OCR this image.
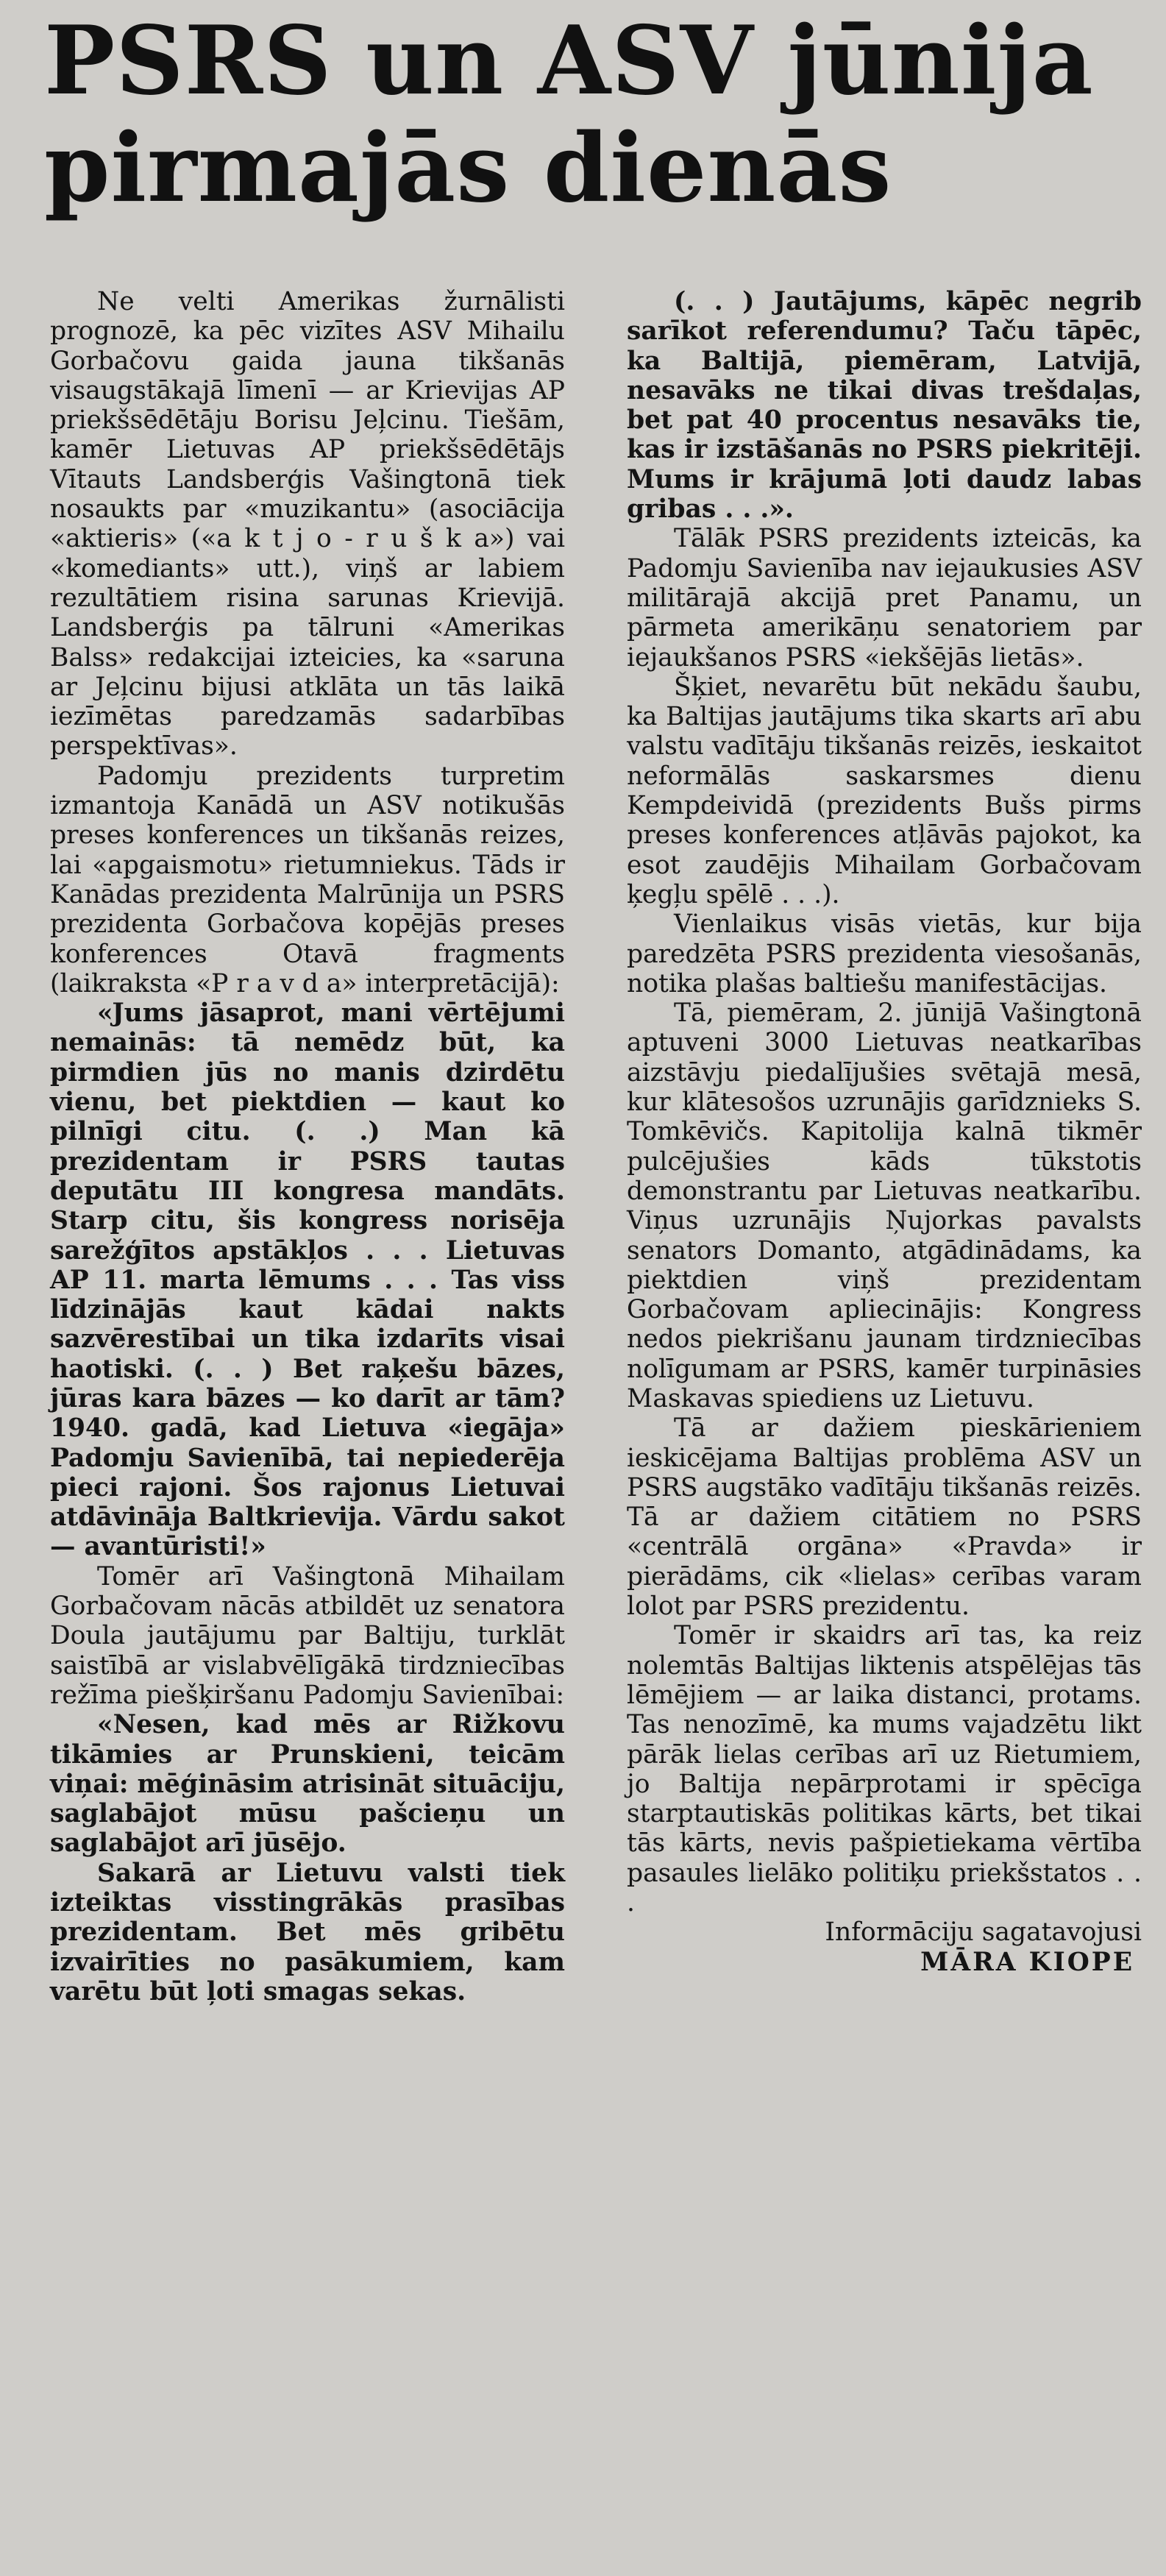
PSRS un ASV jūnija pirmajās dienās

Ne velti Amerikas žurnālisti prognozē, ka pēc vizītes ASV Mihailu Gorbačovu gaida jauna tikšanās visaugstākajā līmenī — ar Krievijas AP priekšsēdētāju Borisu Jeļcinu. Tiešām, kamēr Lietuvas AP priekšsēdētājs Vītauts Landsberģis Vašingtonā tiek nosaukts par «muzikantu» (asociācija «aktieris» («a k t j o - r u š k a») vai «komediants» utt.), viņš ar labiem rezultātiem risina sarunas Krievijā. Landsberģis pa tālruni «Amerikas Balss» redakcijai izteicies, ka «saruna ar Jeļcinu bijusi atklāta un tās laikā iezīmētas paredzamās sadarbības perspektīvas».

Padomju prezidents turpretim izmantoja Kanādā un ASV notikušās preses konferences un tikšanās reizes, lai «apgaismotu» rietumniekus. Tāds ir Kanādas prezidenta Malrūnija un PSRS prezidenta Gorbačova kopējās preses konferences Otavā fragments (laikraksta «P r a v d a» interpretācijā):

«Jums jāsaprot, mani vērtējumi nemainās: tā nemēdz būt, ka pirmdien jūs no manis dzirdētu vienu, bet piektdien — kaut ko pilnīgi citu. (. .) Man kā prezidentam ir PSRS tautas deputātu III kongresa mandāts. Starp citu, šis kongress norisēja sarežģītos apstākļos . . . Lietuvas AP 11. marta lēmums . . . Tas viss līdzinājās kaut kādai nakts sazvērestībai un tika izdarīts visai haotiski. (. . ) Bet raķešu bāzes, jūras kara bāzes — ko darīt ar tām? 1940. gadā, kad Lietuva «iegāja» Padomju Savienībā, tai nepiederēja pieci rajoni. Šos rajonus Lietuvai atdāvināja Baltkrievija. Vārdu sakot — avantūristi!»

Tomēr arī Vašingtonā Mihailam Gorbačovam nācās atbildēt uz senatora Doula jautājumu par Baltiju, turklāt saistībā ar vislabvēlīgākā tirdzniecības režīma piešķiršanu Padomju Savienībai:

«Nesen, kad mēs ar Rižkovu tikāmies ar Prunskieni, teicām viņai: mēģināsim atrisināt situāciju, saglabājot mūsu pašcieņu un saglabājot arī jūsējo.

Sakarā ar Lietuvu valsti tiek izteiktas visstingrākās prasības prezidentam. Bet mēs gribētu izvairīties no pasākumiem, kam varētu būt ļoti smagas sekas.

(. . ) Jautājums, kāpēc negrib sarīkot referendumu? Taču tāpēc, ka Baltijā, piemēram, Latvijā, nesavāks ne tikai divas trešdaļas, bet pat 40 procentus nesavāks tie, kas ir izstāšanās no PSRS piekritēji. Mums ir krājumā ļoti daudz labas gribas . . .».

Tālāk PSRS prezidents izteicās, ka Padomju Savienība nav iejaukusies ASV militārajā akcijā pret Panamu, un pārmeta amerikāņu senatoriem par iejaukšanos PSRS «iekšējās lietās».

Šķiet, nevarētu būt nekādu šaubu, ka Baltijas jautājums tika skarts arī abu valstu vadītāju tikšanās reizēs, ieskaitot neformālās saskarsmes dienu Kempdeividā (prezidents Bušs pirms preses konferences atļāvās pajokot, ka esot zaudējis Mihailam Gorbačovam ķegļu spēlē . . .).

Vienlaikus visās vietās, kur bija paredzēta PSRS prezidenta viesošanās, notika plašas baltiešu manifestācijas.

Tā, piemēram, 2. jūnijā Vašingtonā aptuveni 3000 Lietuvas neatkarības aizstāvju piedalījušies svētajā mesā, kur klātesošos uzrunājis garīdznieks S. Tomkēvičs. Kapitolija kalnā tikmēr pulcējušies kāds tūkstotis demonstrantu par Lietuvas neatkarību. Viņus uzrunājis Ņujorkas pavalsts senators Domanto, atgādinādams, ka piektdien viņš prezidentam Gorbačovam apliecinājis: Kongress nedos piekrišanu jaunam tirdzniecības nolīgumam ar PSRS, kamēr turpināsies Maskavas spiediens uz Lietuvu.

Tā ar dažiem pieskārieniem ieskicējama Baltijas problēma ASV un PSRS augstāko vadītāju tikšanās reizēs. Tā ar dažiem citātiem no PSRS «centrālā orgāna» «Pravda» ir pierādāms, cik «lielas» cerības varam lolot par PSRS prezidentu.

Tomēr ir skaidrs arī tas, ka reiz nolemtās Baltijas liktenis atspēlējas tās lēmējiem — ar laika distanci, protams. Tas nenozīmē, ka mums vajadzētu likt pārāk lielas cerības arī uz Rietumiem, jo Baltija nepārprotami ir spēcīga starptautiskās politikas kārts, bet tikai tās kārts, nevis pašpietiekama vērtība pasaules lielāko politiķu priekšstatos . . .

Informāciju sagatavojusi

MĀRA KIOPE
